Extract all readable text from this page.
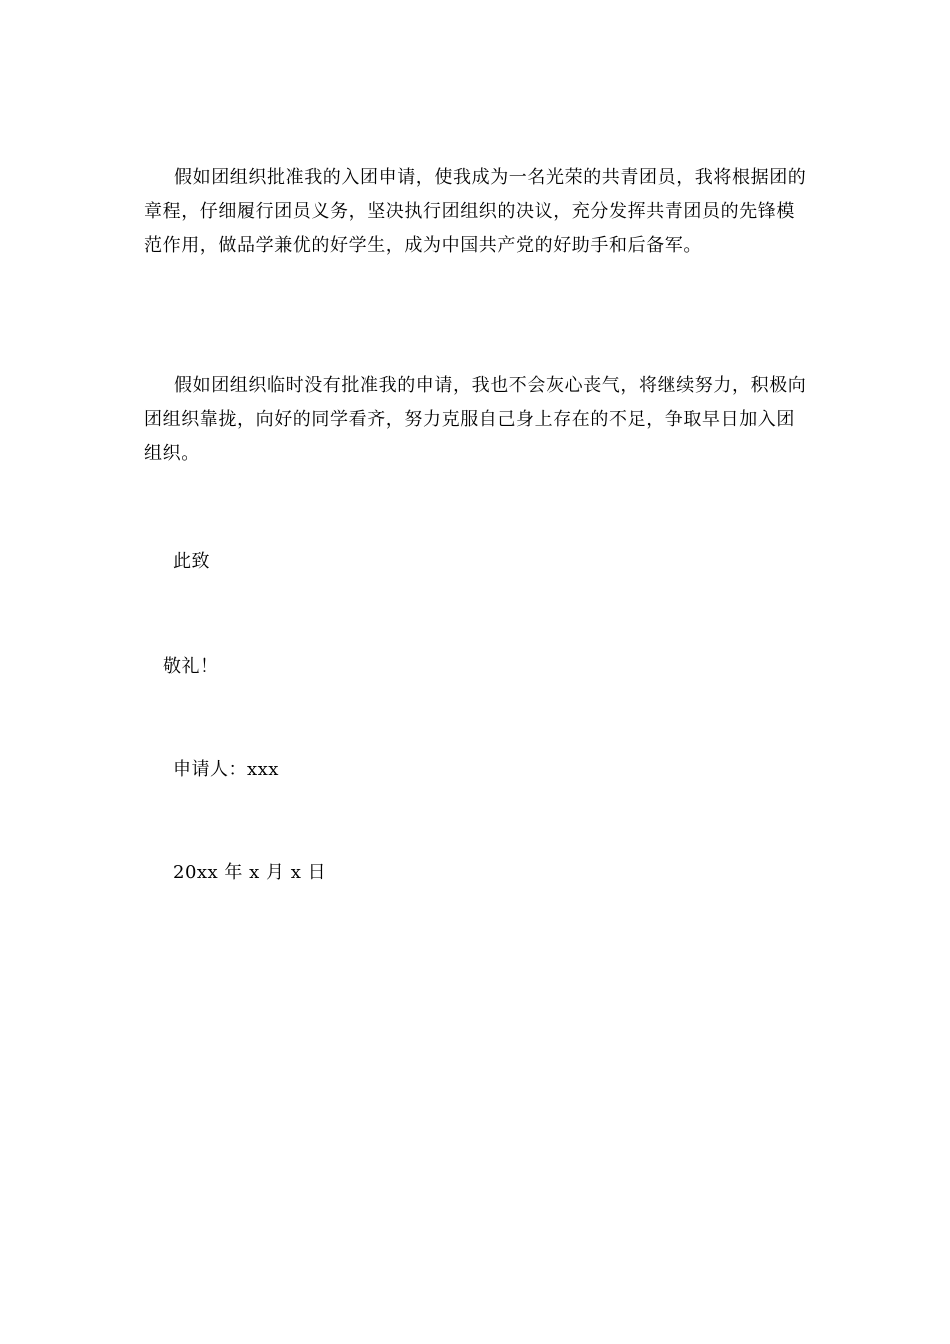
假如团组织批准我的入团申请，使我成为一名光荣的共青团员，我将根据团的章程，仔细履行团员义务，坚决执行团组织的决议，充分发挥共青团员的先锋模范作用，做品学兼优的好学生，成为中国共产党的好助手和后备军。

假如团组织临时没有批准我的申请，我也不会灰心丧气，将继续努力，积极向团组织靠拢，向好的同学看齐，努力克服自己身上存在的不足，争取早日加入团组织。

此致

敬礼！

申请人：xxx

20xx 年 x 月 x 日
